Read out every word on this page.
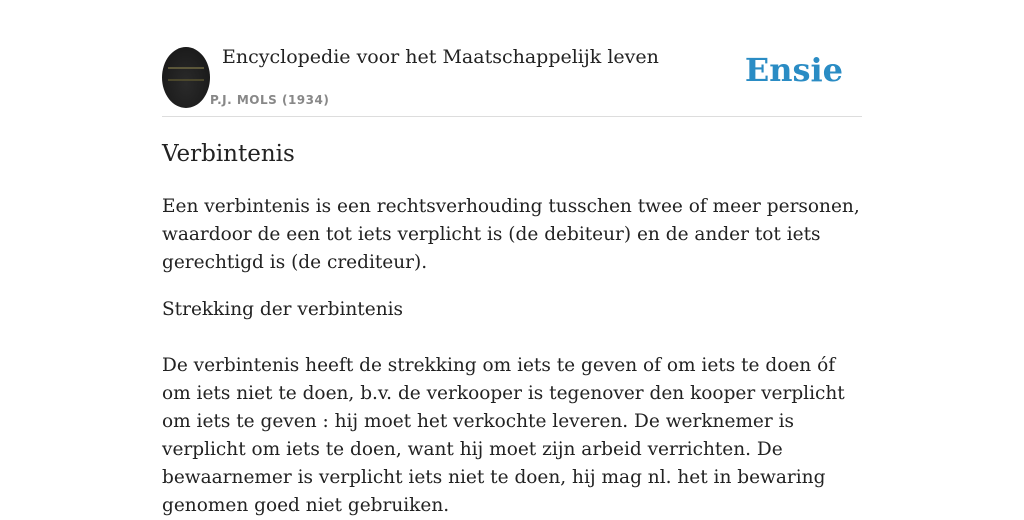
Encyclopedie voor het Maatschappelijk leven
P.J. MOLS (1934)
Ensie
Verbintenis

Een verbintenis is een rechtsverhouding tusschen twee of meer personen, waardoor de een tot iets verplicht is (de debiteur) en de ander tot iets gerechtigd is (de crediteur).

Strekking der verbintenis

De verbintenis heeft de strekking om iets te geven of om iets te doen óf om iets niet te doen, b.v. de verkooper is tegenover den kooper verplicht om iets te geven : hij moet het verkochte leveren. De werknemer is verplicht om iets te doen, want hij moet zijn arbeid verrichten. De bewaarnemer is verplicht iets niet te doen, hij mag nl. het in bewaring genomen goed niet gebruiken.
